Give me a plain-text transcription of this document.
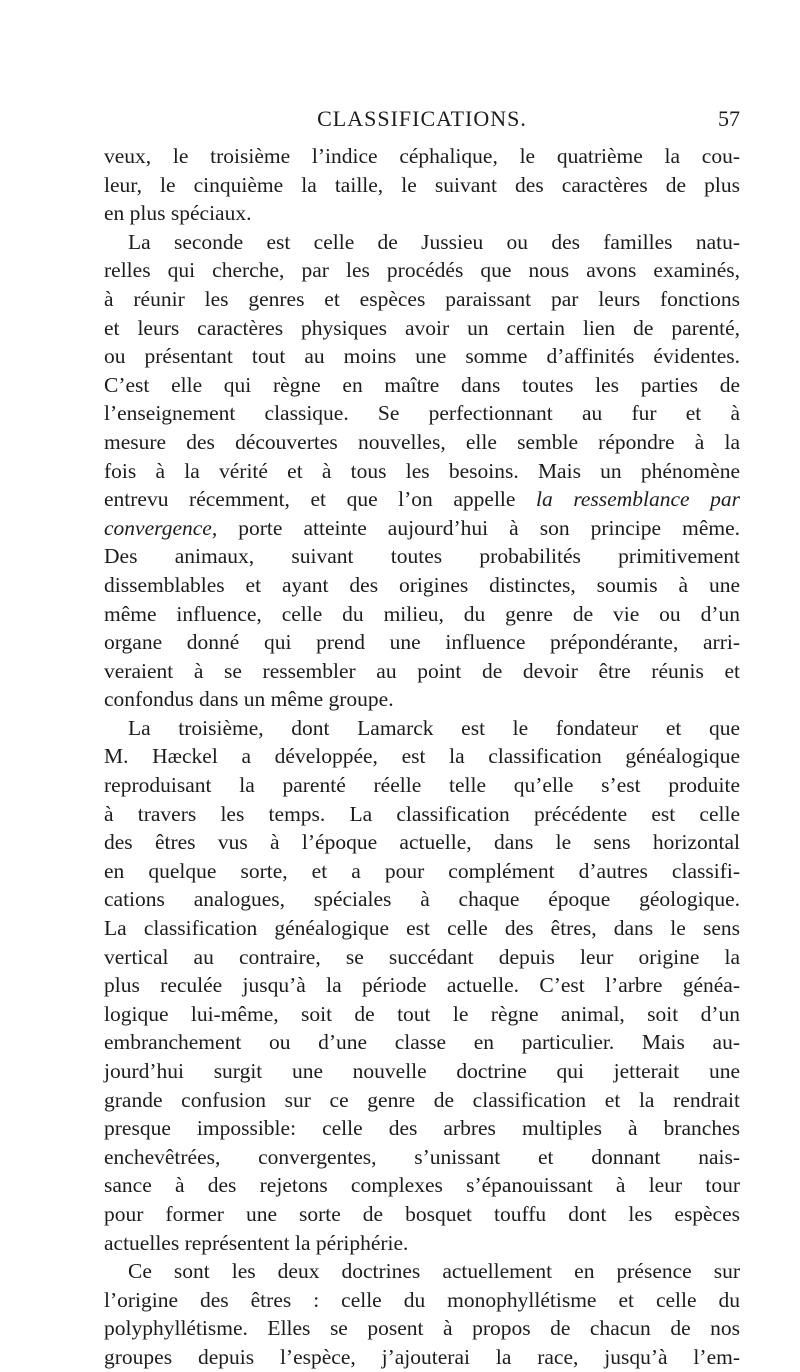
CLASSIFICATIONS.	57
veux, le troisième l’indice céphalique, le quatrième la cou-
leur, le cinquième la taille, le suivant des caractères de plus
en plus spéciaux.
La seconde est celle de Jussieu ou des familles natu-
relles qui cherche, par les procédés que nous avons examinés,
à réunir les genres et espèces paraissant par leurs fonctions
et leurs caractères physiques avoir un certain lien de parenté,
ou présentant tout au moins une somme d’affinités évidentes.
C’est elle qui règne en maître dans toutes les parties de
l’enseignement classique. Se perfectionnant au fur et à
mesure des découvertes nouvelles, elle semble répondre à la
fois à la vérité et à tous les besoins. Mais un phénomène
entrevu récemment, et que l’on appelle la ressemblance par
convergence, porte atteinte aujourd’hui à son principe même.
Des animaux, suivant toutes probabilités primitivement
dissemblables et ayant des origines distinctes, soumis à une
même influence, celle du milieu, du genre de vie ou d’un
organe donné qui prend une influence prépondérante, arri-
veraient à se ressembler au point de devoir être réunis et
confondus dans un même groupe.
La troisième, dont Lamarck est le fondateur et que
M. Hæckel a développée, est la classification généalogique
reproduisant la parenté réelle telle qu’elle s’est produite
à travers les temps. La classification précédente est celle
des êtres vus à l’époque actuelle, dans le sens horizontal
en quelque sorte, et a pour complément d’autres classifi-
cations analogues, spéciales à chaque époque géologique.
La classification généalogique est celle des êtres, dans le sens
vertical au contraire, se succédant depuis leur origine la
plus reculée jusqu’à la période actuelle. C’est l’arbre généa-
logique lui-même, soit de tout le règne animal, soit d’un
embranchement ou d’une classe en particulier. Mais au-
jourd’hui surgit une nouvelle doctrine qui jetterait une
grande confusion sur ce genre de classification et la rendrait
presque impossible: celle des arbres multiples à branches
enchevêtrées, convergentes, s’unissant et donnant nais-
sance à des rejetons complexes s’épanouissant à leur tour
pour former une sorte de bosquet touffu dont les espèces
actuelles représentent la périphérie.
Ce sont les deux doctrines actuellement en présence sur
l’origine des êtres : celle du monophyllétisme et celle du
polyphyllétisme. Elles se posent à propos de chacun de nos
groupes depuis l’espèce, j’ajouterai la race, jusqu’à l’em-
